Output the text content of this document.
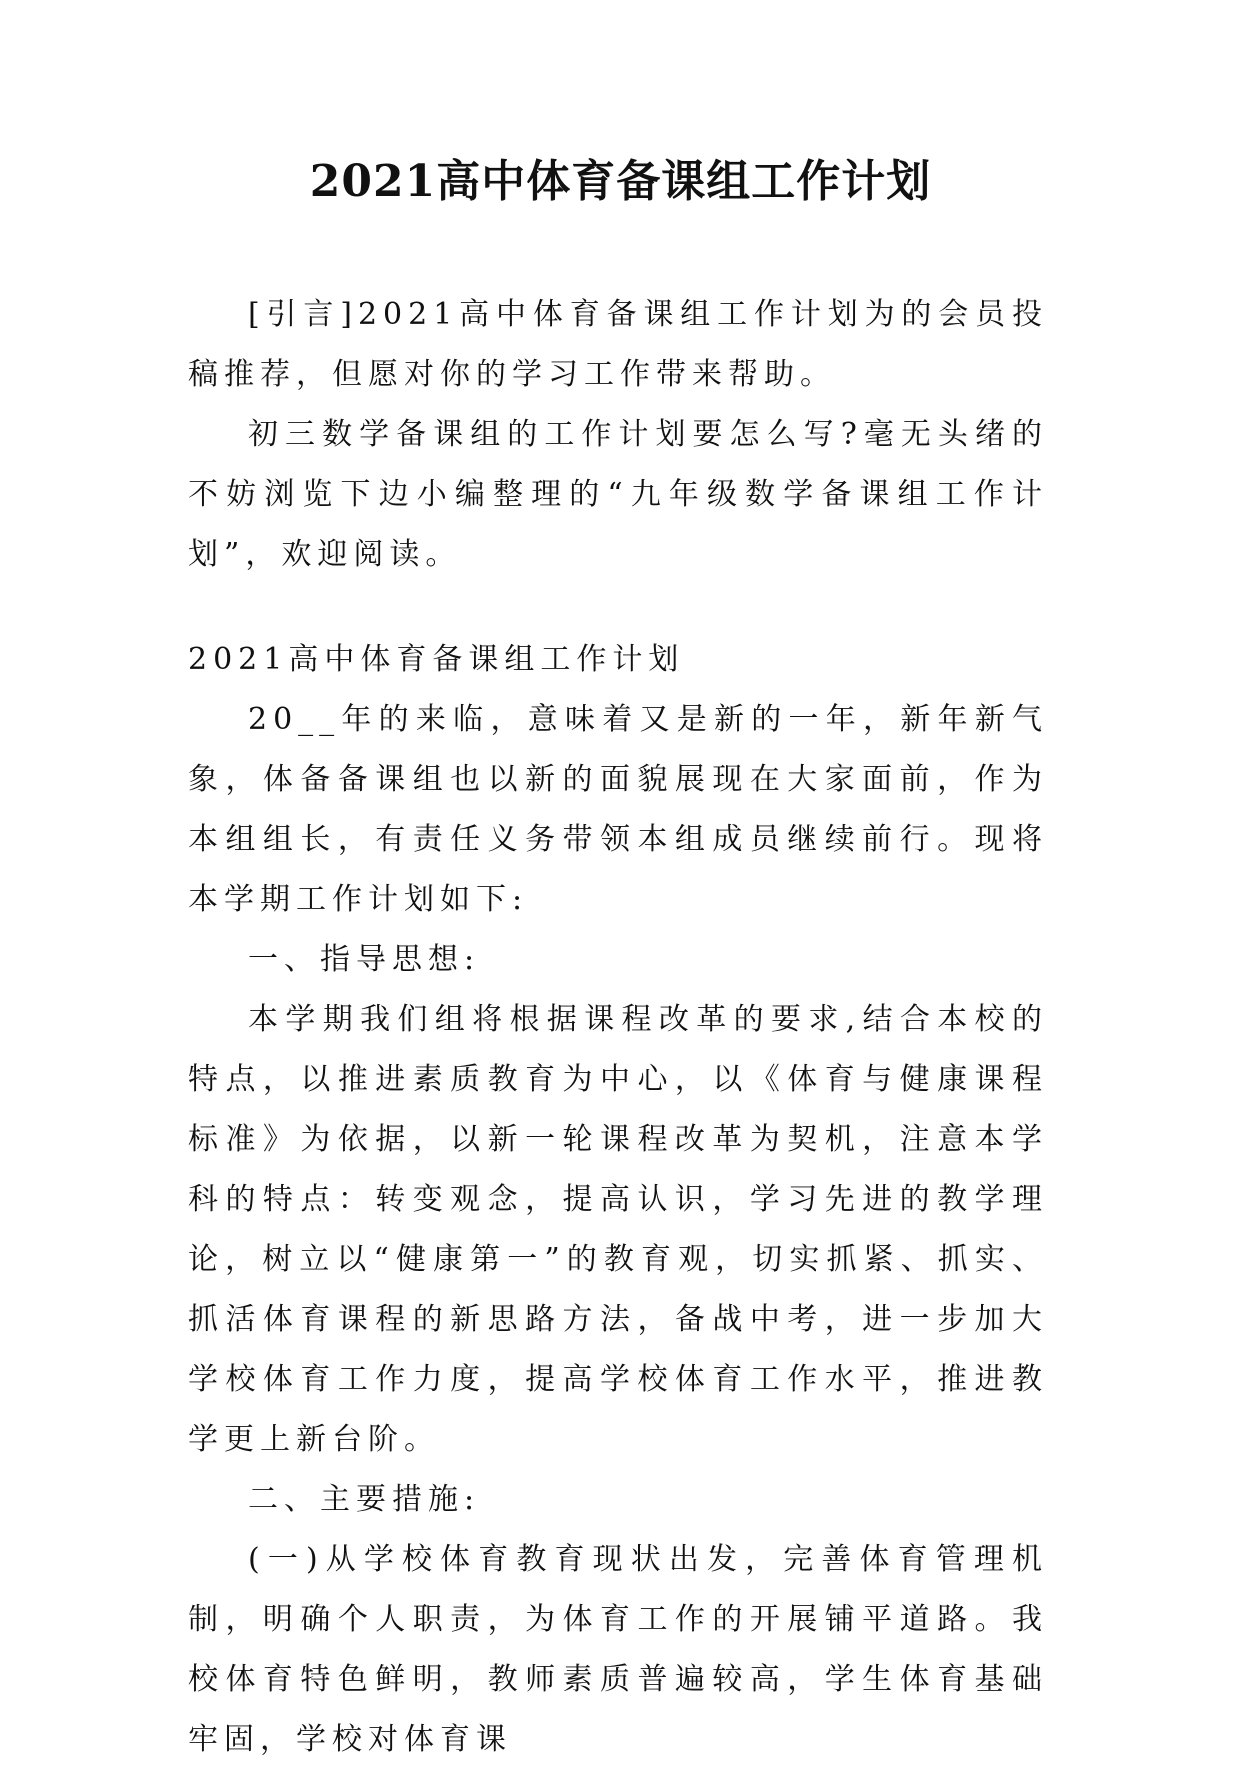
2021高中体育备课组工作计划

[引言]2021高中体育备课组工作计划为的会员投稿推荐，但愿对你的学习工作带来帮助。

初三数学备课组的工作计划要怎么写?毫无头绪的不妨浏览下边小编整理的“九年级数学备课组工作计划”，欢迎阅读。

2021高中体育备课组工作计划

20__年的来临，意味着又是新的一年，新年新气象，体备备课组也以新的面貌展现在大家面前，作为本组组长，有责任义务带领本组成员继续前行。现将本学期工作计划如下:

一、指导思想:

本学期我们组将根据课程改革的要求,结合本校的特点，以推进素质教育为中心，以《体育与健康课程标准》为依据，以新一轮课程改革为契机，注意本学科的特点：转变观念，提高认识，学习先进的教学理论，树立以“健康第一”的教育观，切实抓紧、抓实、抓活体育课程的新思路方法，备战中考，进一步加大学校体育工作力度，提高学校体育工作水平，推进教学更上新台阶。

二、主要措施:

(一)从学校体育教育现状出发，完善体育管理机制，明确个人职责，为体育工作的开展铺平道路。我校体育特色鲜明，教师素质普遍较高，学生体育基础牢固，学校对体育课
